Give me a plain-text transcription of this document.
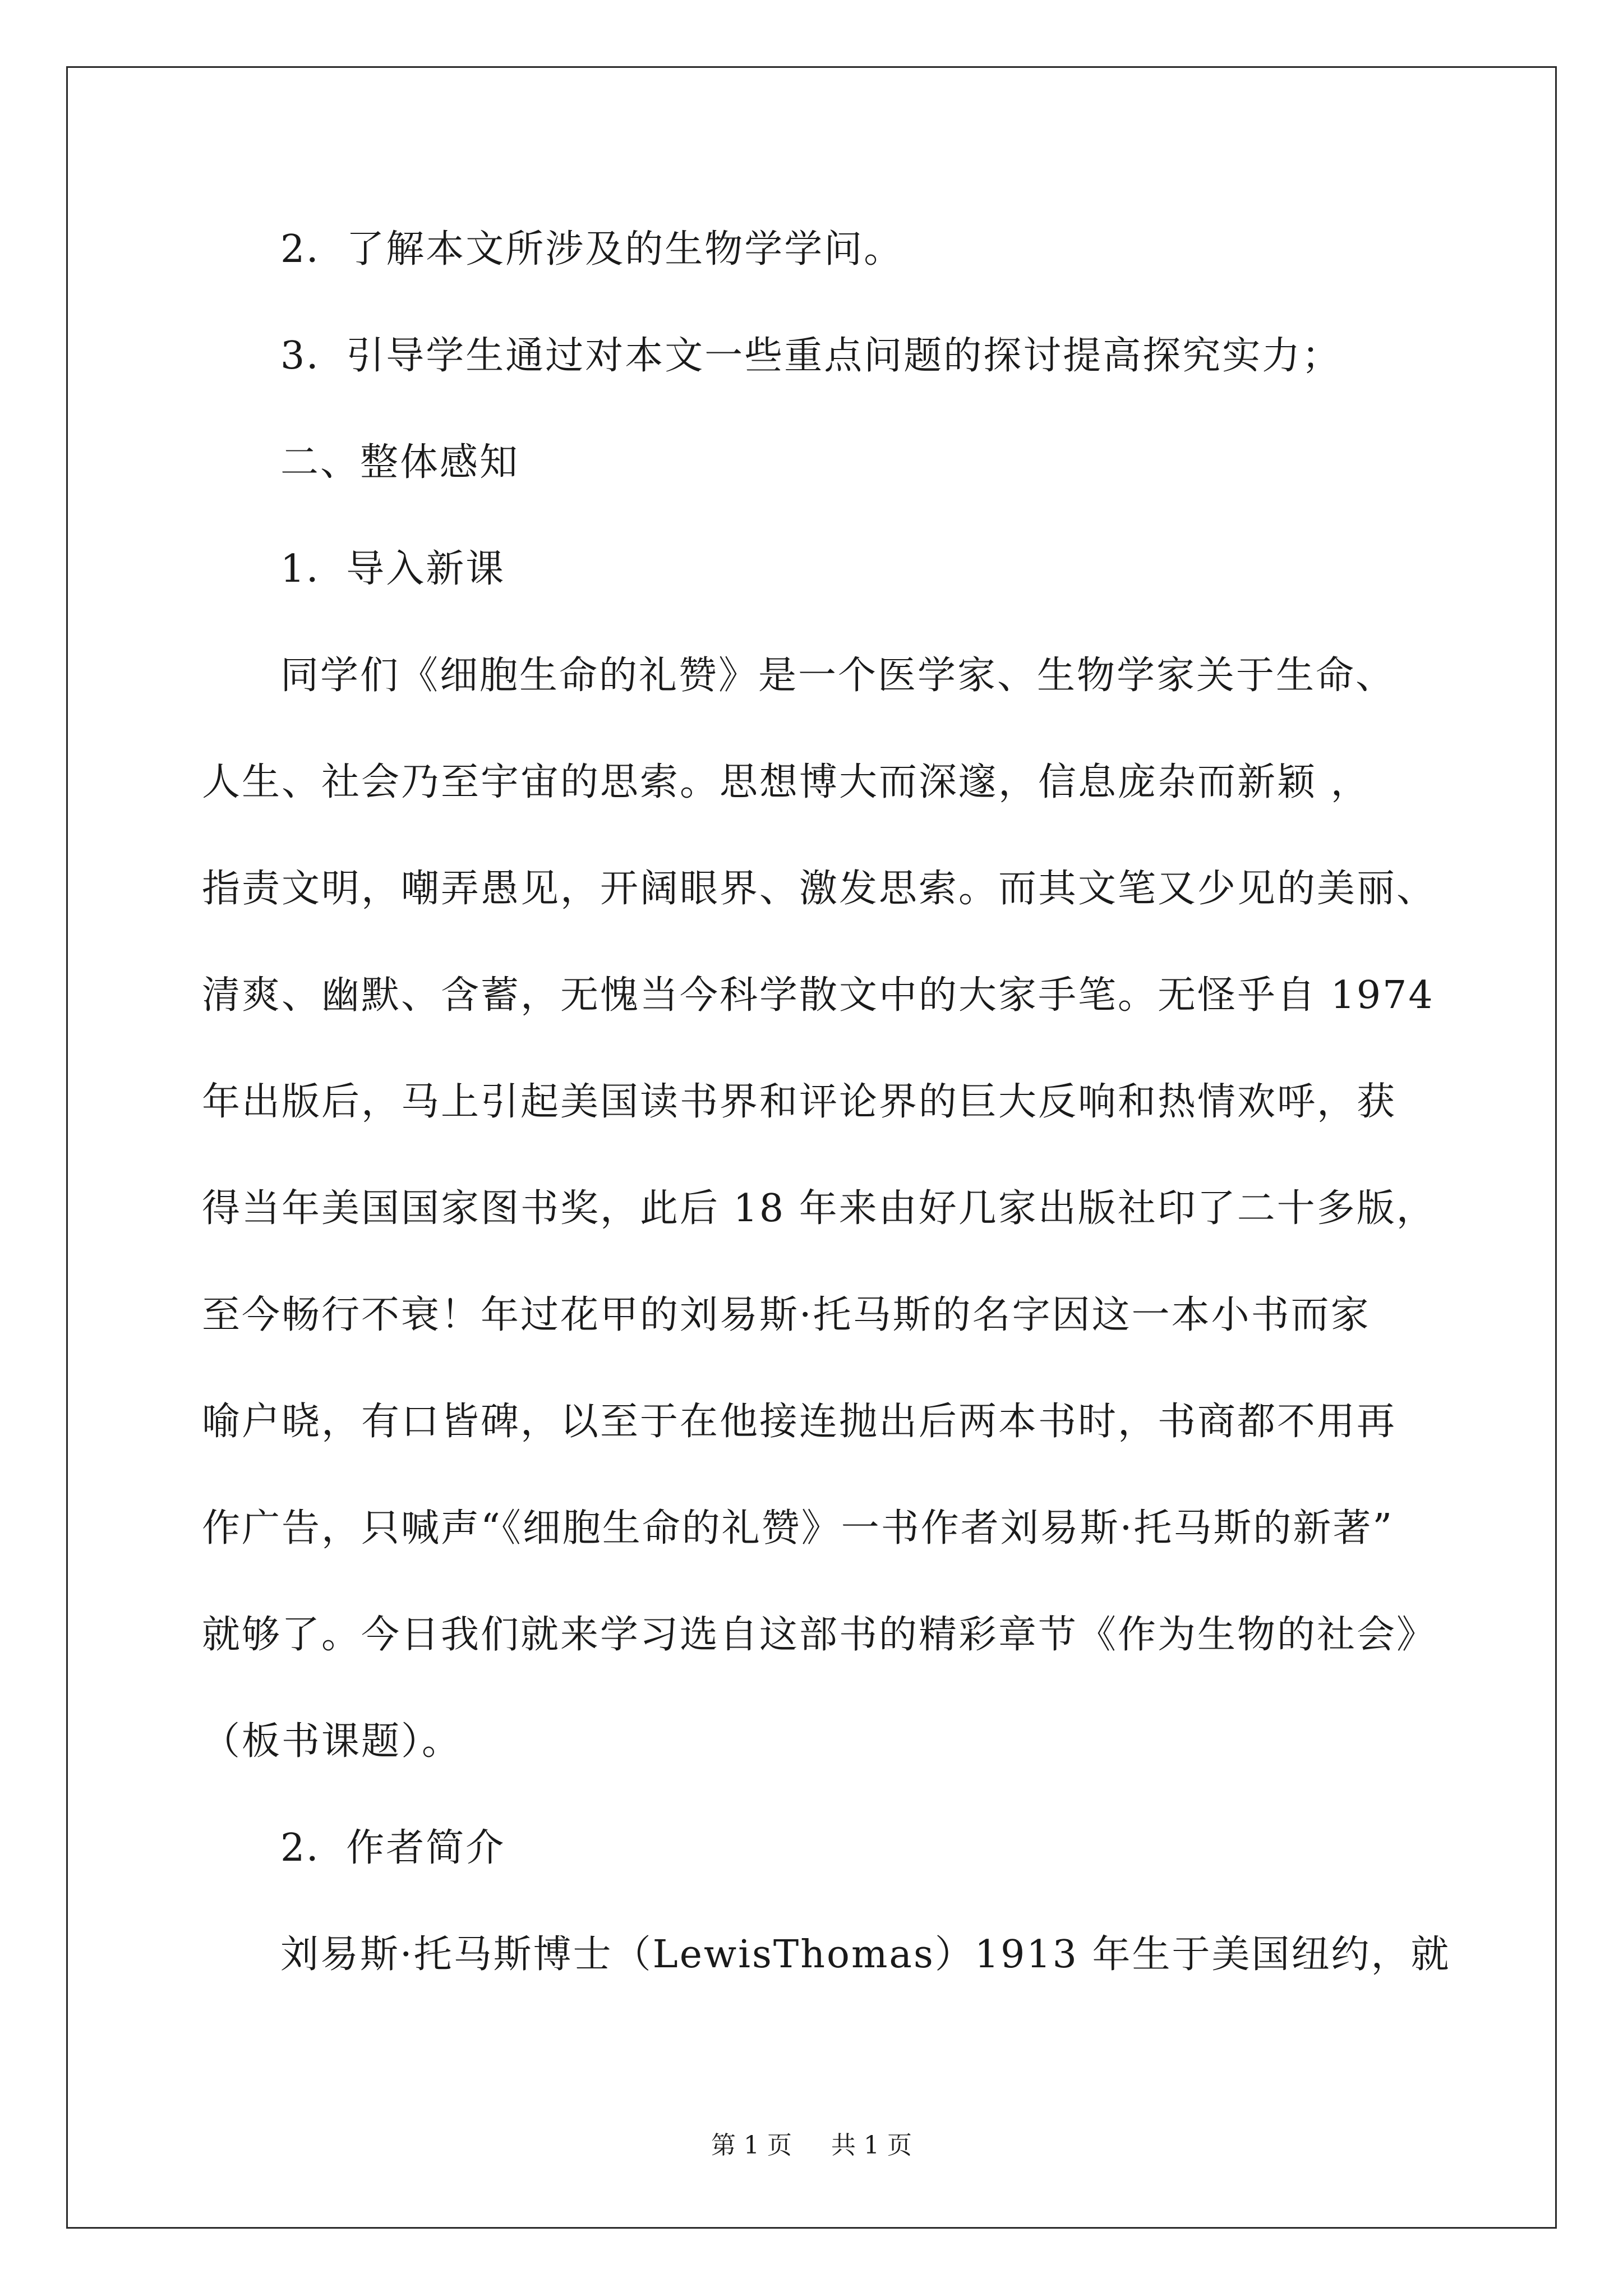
2．了解本文所涉及的生物学学问。
3．引导学生通过对本文一些重点问题的探讨提高探究实力；
二、整体感知
1．导入新课
同学们《细胞生命的礼赞》是一个医学家、生物学家关于生命、
人生、社会乃至宇宙的思索。思想博大而深邃，信息庞杂而新颖 ，
指责文明，嘲弄愚见，开阔眼界、激发思索。而其文笔又少见的美丽、
清爽、幽默、含蓄，无愧当今科学散文中的大家手笔。无怪乎自 1974
年出版后，马上引起美国读书界和评论界的巨大反响和热情欢呼，获
得当年美国国家图书奖，此后 18 年来由好几家出版社印了二十多版，
至今畅行不衰！年过花甲的刘易斯·托马斯的名字因这一本小书而家
喻户晓，有口皆碑，以至于在他接连抛出后两本书时，书商都不用再
作广告，只喊声“《细胞生命的礼赞》一书作者刘易斯·托马斯的新著”
就够了。今日我们就来学习选自这部书的精彩章节《作为生物的社会》
（板书课题）。
2．作者简介
刘易斯·托马斯博士（LewisThomas）1913 年生于美国纽约，就
第 1 页 共 1 页
